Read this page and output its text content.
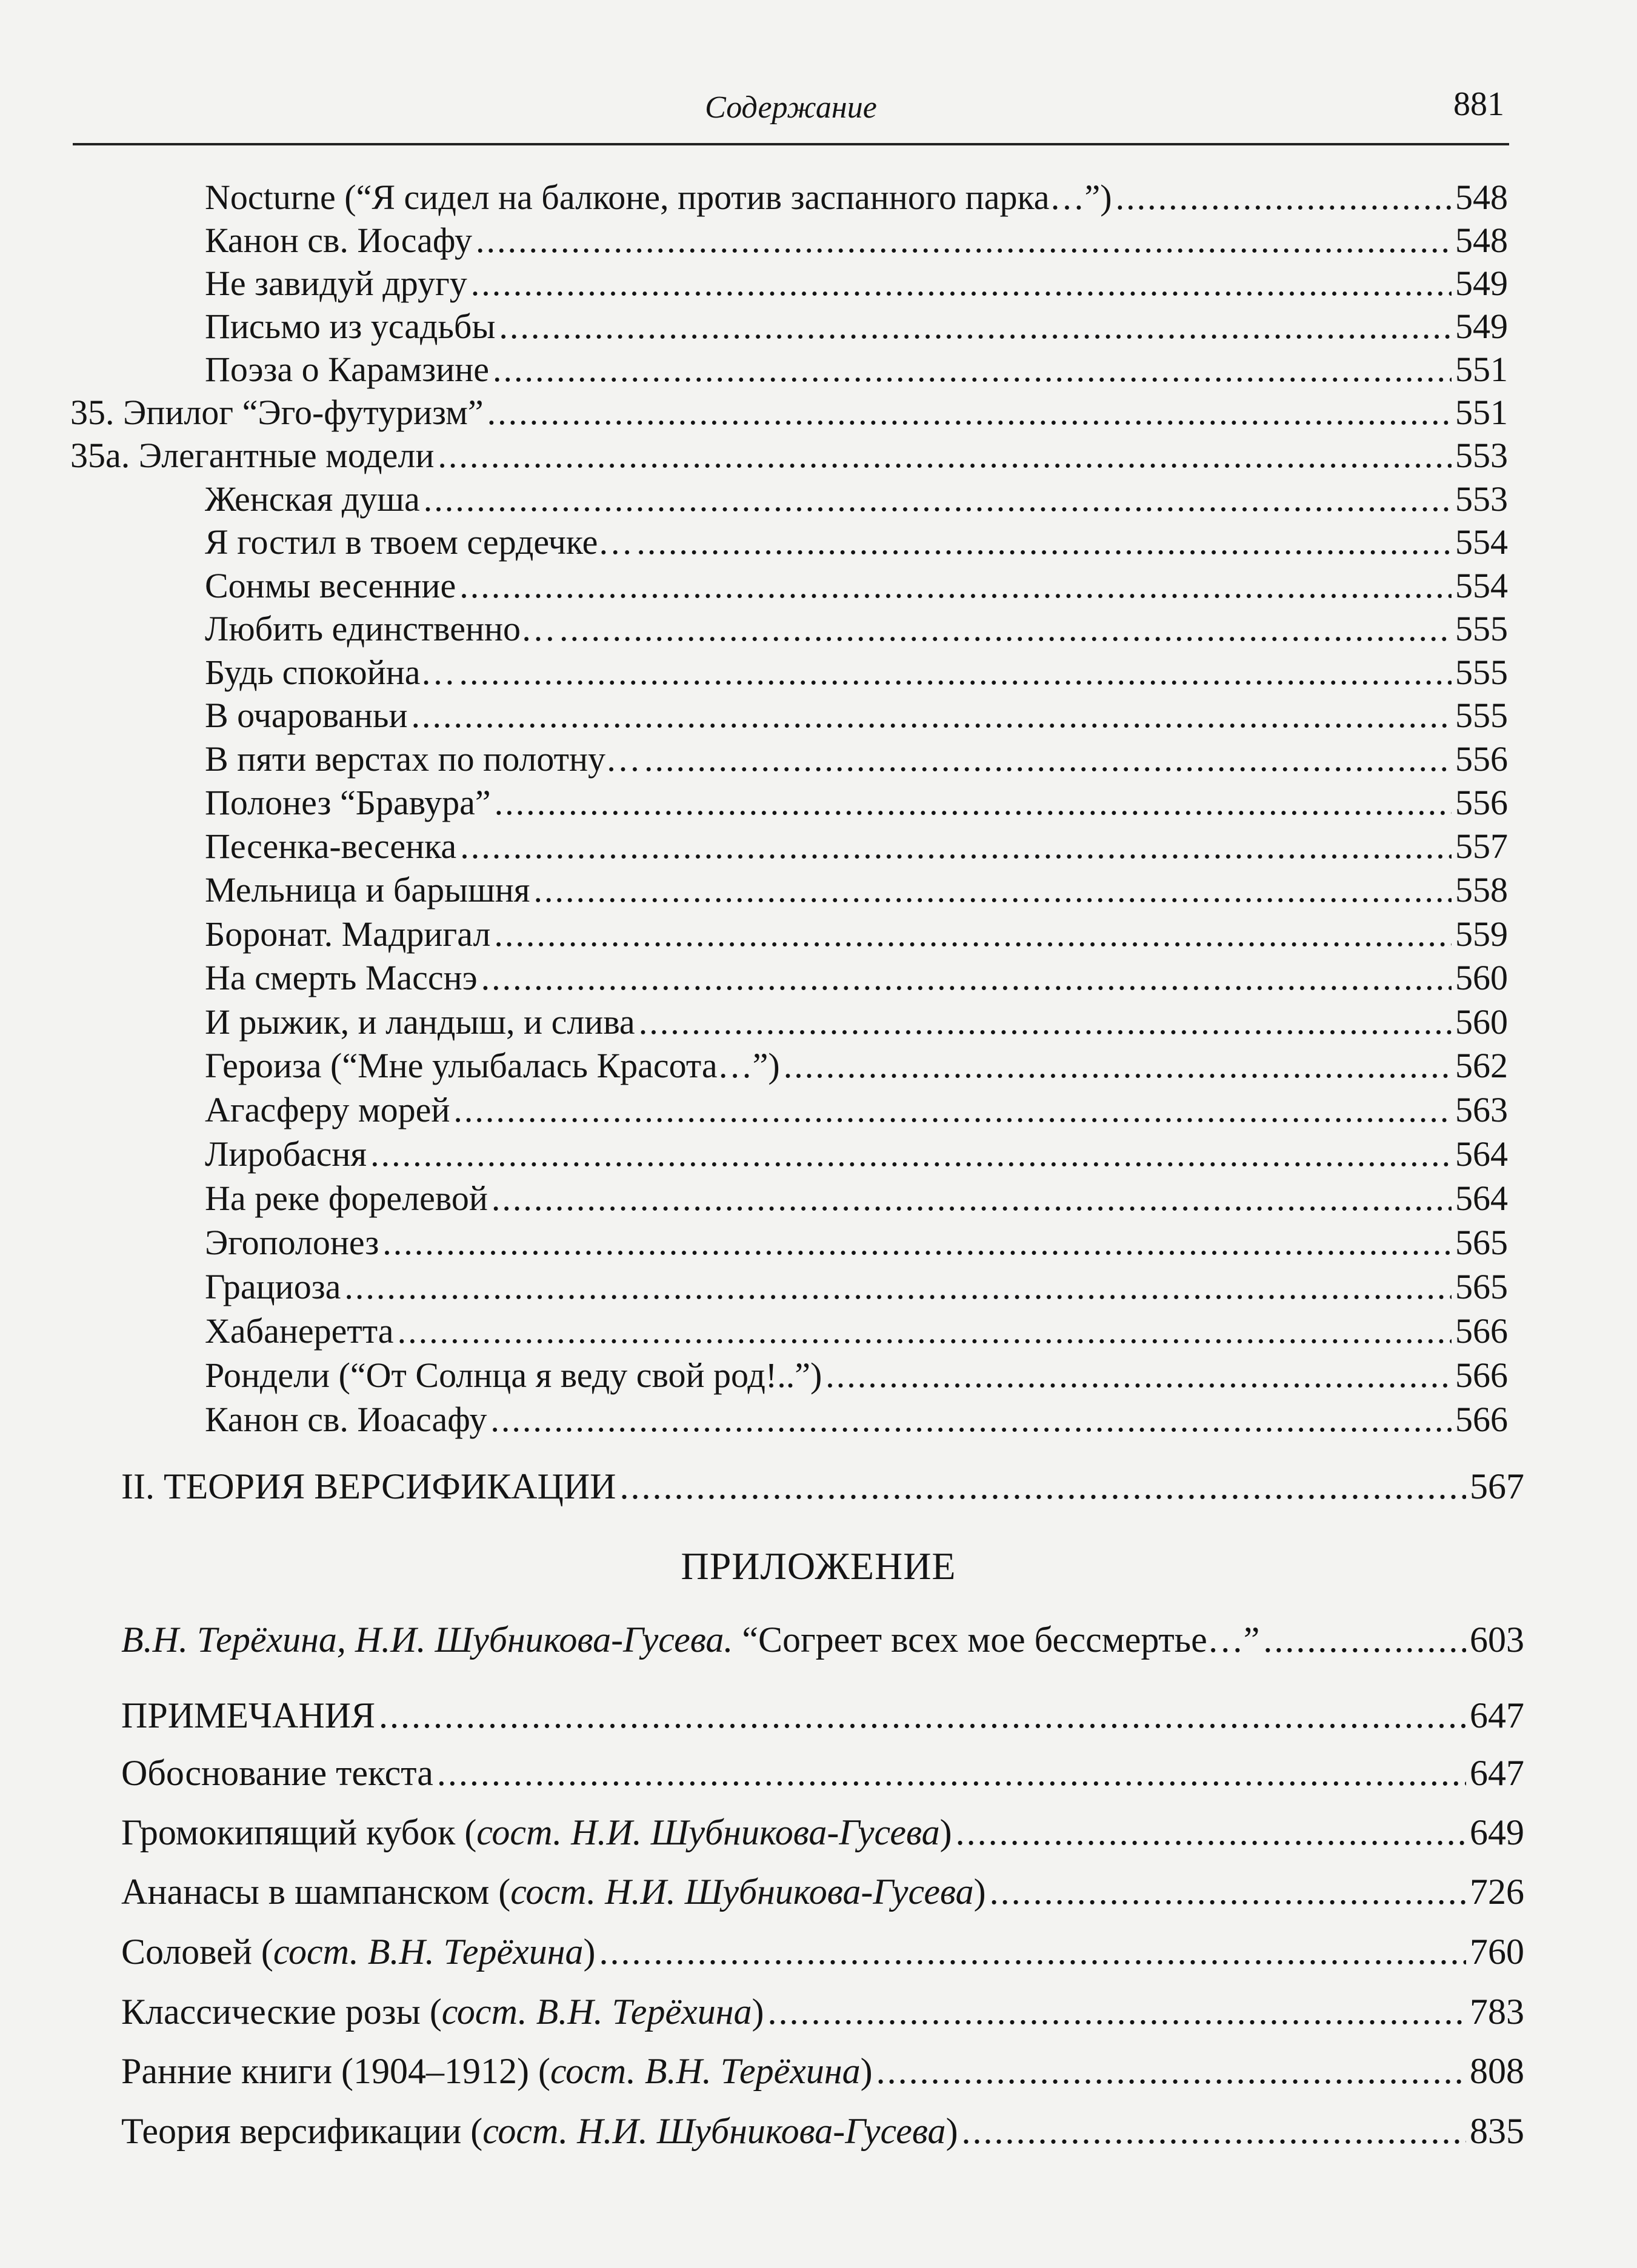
Содержание	881
Nocturne (“Я сидел на балконе, против заспанного парка…”) .....	548
Канон св. Иосафу .....	548
Не завидуй другу .....	549
Письмо из усадьбы .....	549
Поэза о Карамзине .....	551
35. Эпилог “Эго-футуризм” .....	551
35а. Элегантные модели .....	553
Женская душа .....	553
Я гостил в твоем сердечке… .....	554
Сонмы весенние .....	554
Любить единственно… .....	555
Будь спокойна… .....	555
В очарованьи .....	555
В пяти верстах по полотну… .....	556
Полонез “Бравура” .....	556
Песенка-весенка .....	557
Мельница и барышня .....	558
Боронат. Мадригал .....	559
На смерть Масснэ .....	560
И рыжик, и ландыш, и слива .....	560
Героиза (“Мне улыбалась Красота…”) .....	562
Агасферу морей .....	563
Лиробасня .....	564
На реке форелевой .....	564
Эгополонез .....	565
Грациоза .....	565
Хабанеретта .....	566
Рондели (“От Солнца я веду свой род!..”) .....	566
Канон св. Иоасафу .....	566
II. ТЕОРИЯ ВЕРСИФИКАЦИИ .....	567
ПРИЛОЖЕНИЕ
В.Н. Терёхина, Н.И. Шубникова-Гусева. “Согреет всех мое бессмертье…” .....	603
ПРИМЕЧАНИЯ .....	647
Обоснование текста .....	647
Громокипящий кубок (сост. Н.И. Шубникова-Гусева) .....	649
Ананасы в шампанском (сост. Н.И. Шубникова-Гусева) .....	726
Соловей (сост. В.Н. Терёхина) .....	760
Классические розы (сост. В.Н. Терёхина) .....	783
Ранние книги (1904–1912) (сост. В.Н. Терёхина) .....	808
Теория версификации (сост. Н.И. Шубникова-Гусева) .....	835
